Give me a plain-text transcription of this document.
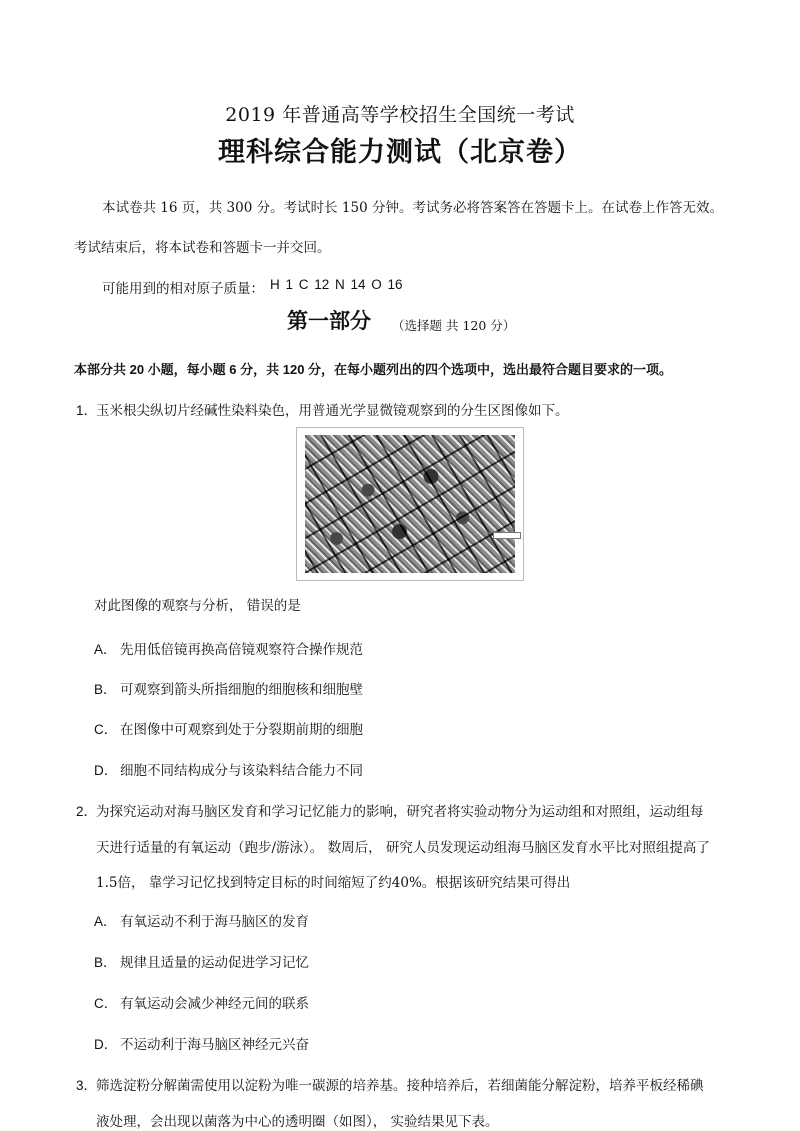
2019 年普通高等学校招生全国统一考试
理科综合能力测试（北京卷）
本试卷共 16 页，共 300 分。考试时长 150 分钟。考试务必将答案答在答题卡上。在试卷上作答无效。
考试结束后，将本试卷和答题卡一并交回。
可能用到的相对原子质量： H 1 C 12 N 14 O 16
第一部分 （选择题 共 120 分）
本部分共 20 小题，每小题 6 分，共 120 分，在每小题列出的四个选项中，选出最符合题目要求的一项。
1．
玉米根尖纵切片经碱性染料染色，用普通光学显微镜观察到的分生区图像如下。
对此图像的观察与分析， 错误的是
A． 先用低倍镜再换高倍镜观察符合操作规范
B． 可观察到箭头所指细胞的细胞核和细胞壁
C． 在图像中可观察到处于分裂期前期的细胞
D． 细胞不同结构成分与该染料结合能力不同
2．
为探究运动对海马脑区发育和学习记忆能力的影响，研究者将实验动物分为运动组和对照组，运动组每
天进行适量的有氧运动（跑步/游泳）。 数周后， 研究人员发现运动组海马脑区发育水平比对照组提高了
1.5倍， 靠学习记忆找到特定目标的时间缩短了约40%。根据该研究结果可得出
A． 有氧运动不利于海马脑区的发育
B． 规律且适量的运动促进学习记忆
C． 有氧运动会减少神经元间的联系
D． 不运动利于海马脑区神经元兴奋
3．
筛选淀粉分解菌需使用以淀粉为唯一碳源的培养基。接种培养后，若细菌能分解淀粉，培养平板经稀碘
液处理，会出现以菌落为中心的透明圈（如图）， 实验结果见下表。
